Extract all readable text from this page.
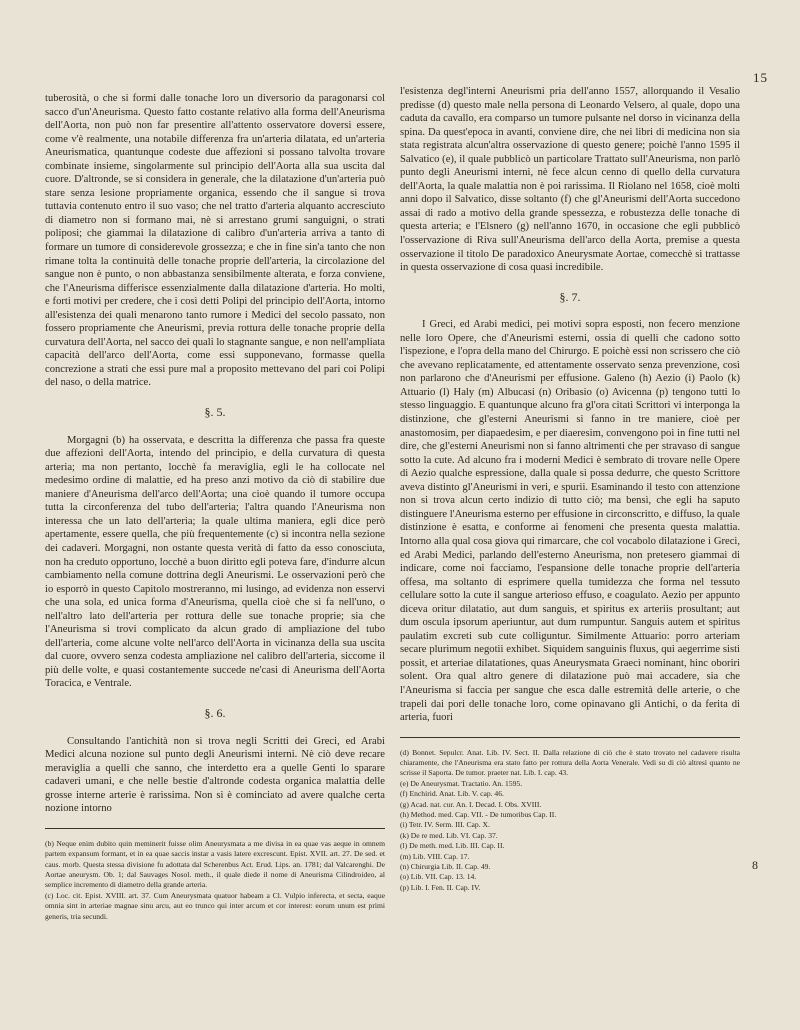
15

tuberosità, o che si formi dalle tonache loro un diversorio da paragonarsi col sacco d'un'Aneurisma. Questo fatto costante relativo alla forma dell'Aneurisma dell'Aorta, non può non far presentire all'attento osservatore doversi essere, come v'è realmente, una notabile differenza fra un'arteria dilatata, ed un'arteria Aneurismatica, quantunque codeste due affezioni si possano talvolta trovare combinate insieme, singolarmente sul principio dell'Aorta alla sua uscita dal cuore. D'altronde, se si considera in generale, che la dilatazione d'un'arteria può stare senza lesione propriamente organica, essendo che il sangue si trova tuttavia contenuto entro il suo vaso; che nel tratto d'arteria alquanto accresciuto di diametro non si formano mai, nè si arrestano grumi sanguigni, o strati poliposi; che giammai la dilatazione di calibro d'un'arteria arriva a tanto di formare un tumore di considerevole grossezza; e che in fine sin'a tanto che non rimane tolta la continuità delle tonache proprie dell'arteria, la circolazione del sangue non è punto, o non abbastanza sensibilmente alterata, e forza conviene, che l'Aneurisma differisce essenzialmente dalla dilatazione d'arteria. Ho molti, e forti motivi per credere, che i così detti Polipi del principio dell'Aorta, intorno all'esistenza dei quali menarono tanto rumore i Medici del secolo passato, non fossero propriamente che Aneurismi, previa rottura delle tonache proprie della curvatura dell'Aorta, nel sacco dei quali lo stagnante sangue, e non nell'ampliata capacità dell'arco dell'Aorta, come essi supponevano, formasse quella concrezione a strati che essi pure mal a proposito mettevano del pari coi Polipi del naso, o della matrice.

§. 5.

Morgagni (b) ha osservata, e descritta la differenza che passa fra queste due affezioni dell'Aorta, intendo del principio, e della curvatura di questa arteria; ma non pertanto, locchè fa meraviglia, egli le ha collocate nel medesimo ordine di malattie, ed ha preso anzi motivo da ciò di stabilire due maniere d'Aneurisma dell'arco dell'Aorta; una cioè quando il tumore occupa tutta la circonferenza del tubo dell'arteria; l'altra quando l'Aneurisma non interessa che un lato dell'arteria; la quale ultima maniera, egli dice però apertamente, essere quella, che più frequentemente (c) si incontra nella sezione dei cadaveri. Morgagni, non ostante questa verità di fatto da esso conosciuta, non ha creduto opportuno, locchè a buon diritto egli poteva fare, d'indurre alcun cambiamento nella comune dottrina degli Aneurismi. Le osservazioni però che io esporrò in questo Capitolo mostreranno, mi lusingo, ad evidenza non esservi che una sola, ed unica forma d'Aneurisma, quella cioè che si fa nell'uno, o nell'altro lato dell'arteria per rottura delle sue tonache proprie; sia che l'Aneurisma si trovi complicato da alcun grado di ampliazione del tubo dell'arteria, come alcune volte nell'arco dell'Aorta in vicinanza della sua uscita dal cuore, ovvero senza codesta ampliazione nel calibro dell'arteria, siccome il più delle volte, e quasi costantemente succede ne'casi di Aneurisma dell'Aorta Toracica, e Ventrale.

§. 6.

Consultando l'antichità non si trova negli Scritti dei Greci, ed Arabi Medici alcuna nozione sul punto degli Aneurismi interni. Nè ciò deve recare meraviglia a quelli che sanno, che interdetto era a quelle Genti lo sparare cadaveri umani, e che nelle bestie d'altronde codesta organica malattia delle grosse interne arterie è rarissima. Non si è cominciato ad avere qualche certa nozione intorno

(b) Neque enim dubito quin meminerit fuisse olim Aneurysmata a me divisa in ea quae vas aeque in omnem partem expansum formant, et in ea quae saccis instar a vasis latere excrescunt. Epist. XVII. art. 27. De sed. et caus. morb. Questa stessa divisione fu adottata dal Scherenbus Act. Erud. Lips. an. 1781; dal Valcarenghi. De Aortae aneurysm. Ob. 1; dal Sauvages Nosol. meth., il quale diede il nome di Aneurisma Cilindroideo, al semplice incremento di diametro della grande arteria.
(c) Loc. cit. Epist. XVIII. art. 37. Cum Aneurysmata quatuor habeam a Cl. Vulpio inferecta, et secta, eaque omnia sint in arteriae magnae sinu arcu, aut eo trunco qui inter arcum et cor interest: eorum unum est primi generis, tria secundi.

l'esistenza degl'interni Aneurismi pria dell'anno 1557, allorquando il Vesalio predisse (d) questo male nella persona di Leonardo Velsero, al quale, dopo una caduta da cavallo, era comparso un tumore pulsante nel dorso in vicinanza della spina. Da quest'epoca in avanti, conviene dire, che nei libri di medicina non sia stata registrata alcun'altra osservazione di questo genere; poichè l'anno 1595 il Salvatico (e), il quale pubblicò un particolare Trattato sull'Aneurisma, non parlò punto degli Aneurismi interni, nè fece alcun cenno di quello della curvatura dell'Aorta, la quale malattia non è poi rarissima. Il Riolano nel 1658, cioè molti anni dopo il Salvatico, disse soltanto (f) che gl'Aneurismi dell'Aorta succedono assai di rado a motivo della grande spessezza, e robustezza delle tonache di questa arteria; e l'Elsnero (g) nell'anno 1670, in occasione che egli pubblicò l'osservazione di Riva sull'Aneurisma dell'arco della Aorta, premise a questa osservazione il titolo De paradoxico Aneurysmate Aortae, comecchè si trattasse in questa osservazione di cosa quasi incredibile.

§. 7.

I Greci, ed Arabi medici, pei motivi sopra esposti, non fecero menzione nelle loro Opere, che d'Aneurismi esterni, ossia di quelli che cadono sotto l'ispezione, e l'opra della mano del Chirurgo. E poichè essi non scrissero che ciò che avevano replicatamente, ed attentamente osservato senza prevenzione, così non parlarono che d'Aneurismi per effusione. Galeno (h) Aezio (i) Paolo (k) Attuario (l) Haly (m) Albucasi (n) Oribasio (o) Avicenna (p) tengono tutti lo stesso linguaggio. E quantunque alcuno fra gl'ora citati Scrittori vi interponga la distinzione, che gl'esterni Aneurismi si fanno in tre maniere, cioè per anastomosim, per diapaedesim, e per diaeresim, convengono poi in fine tutti nel dire, che gl'esterni Aneurismi non si fanno altrimenti che per stravaso di sangue sotto la cute. Ad alcuno fra i moderni Medici è sembrato di trovare nelle Opere di Aezio qualche espressione, dalla quale si possa dedurre, che questo Scrittore aveva distinto gl'Aneurismi in veri, e spurii. Esaminando il testo con attenzione non si trova alcun certo indizio di tutto ciò; ma bensì, che egli ha saputo distinguere l'Aneurisma esterno per effusione in circonscritto, e diffuso, la quale distinzione è esatta, e conforme ai fenomeni che presenta questa malattia. Intorno alla qual cosa giova qui rimarcare, che col vocabolo dilatazione i Greci, ed Arabi Medici, parlando dell'esterno Aneurisma, non pretesero giammai di indicare, come noi facciamo, l'espansione delle tonache proprie dell'arteria offesa, ma soltanto di esprimere quella tumidezza che forma nel tessuto cellulare sotto la cute il sangue arterioso effuso, e coagulato. Aezio per appunto diceva oritur dilatatio, aut dum sanguis, et spiritus ex arteriis prosultant; aut dum oscula ipsorum aperiuntur, aut dum rumpuntur. Sanguis autem et spiritus paulatim excreti sub cute colliguntur. Similmente Attuario: porro arteriam secare plurimum negotii exhibet. Siquidem sanguinis fluxus, qui aegerrime sisti possit, et arteriae dilatationes, quas Aneurysmata Graeci nominant, hinc oboriri solent. Ora qual altro genere di dilatazione può mai accadere, sia che l'Aneurisma si faccia per sangue che esca dalle estremità delle arterie, o che trapeli dai pori delle tonache loro, come opinavano gli Antichi, o da ferita di arteria, fuori

(d) Bonnet. Sepulcr. Anat. Lib. IV. Sect. II. Dalla relazione di ciò che è stato trovato nel cadavere risulta chiaramente, che l'Aneurisma era stato fatto per rottura della Aorta Venerale. Vedi su di ciò altresì quanto ne scrisse il Saporta. De tumor. praeter nat. Lib. I. cap. 43.
(e) De Aneurysmat. Tractatio. An. 1595.
(f) Enchirid. Anat. Lib. V. cap. 46.
(g) Acad. nat. cur. An. I. Decad. I. Obs. XVIII.
(h) Method. med. Cap. VII. - De tumoribus Cap. II.
(i) Tetr. IV. Serm. III. Cap. X.
(k) De re med. Lib. VI. Cap. 37.
(l) De meth. med. Lib. III. Cap. II.
(m) Lib. VIII. Cap. 17.
(n) Chirurgia Lib. II. Cap. 49.
(o) Lib. VII. Cap. 13. 14.
(p) Lib. I. Fen. II. Cap. IV.
8
